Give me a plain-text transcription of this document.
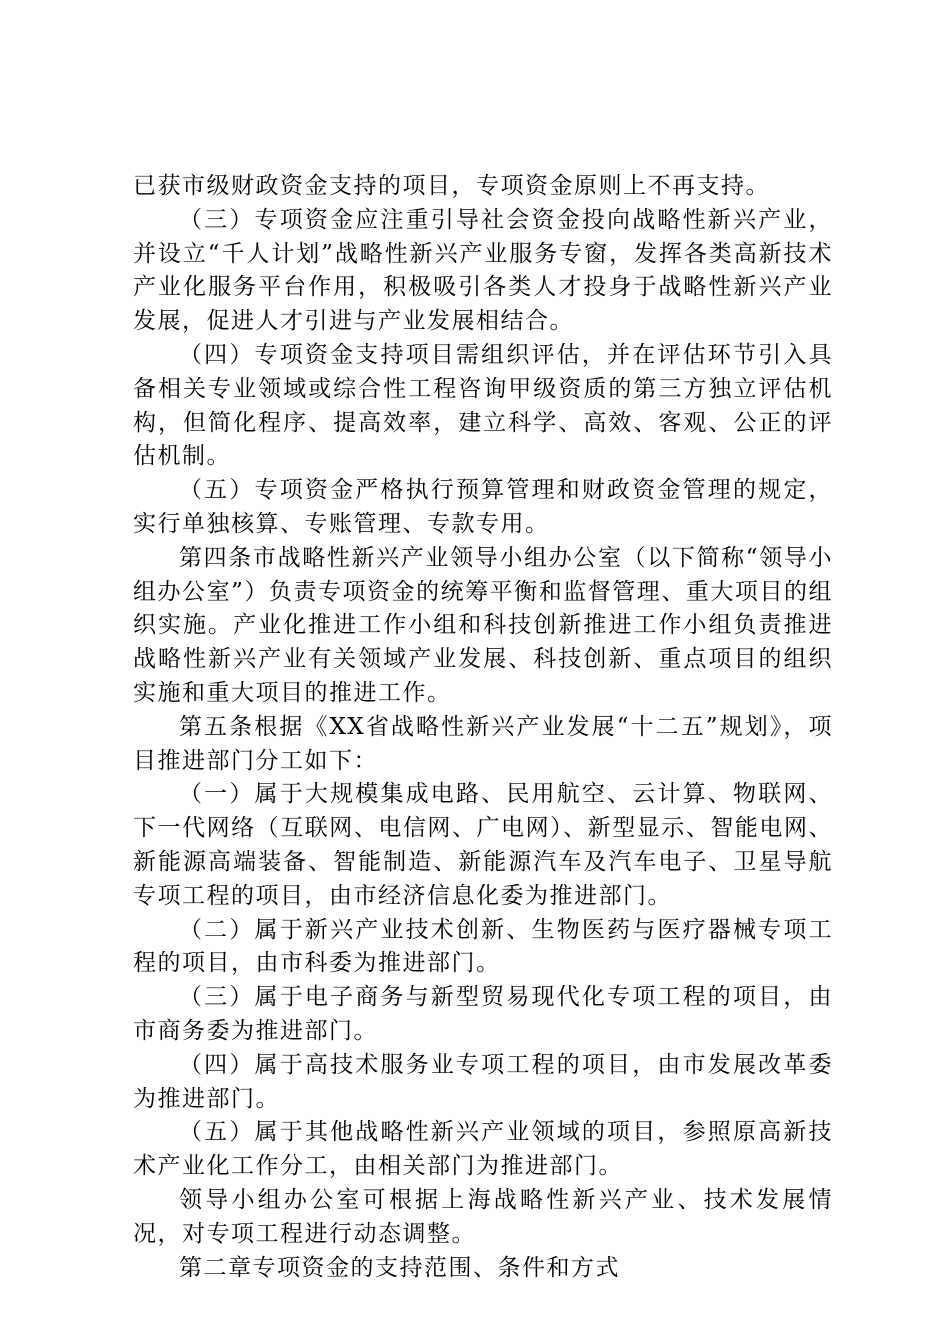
已获市级财政资金支持的项目，专项资金原则上不再支持。

（三）专项资金应注重引导社会资金投向战略性新兴产业，并设立“千人计划”战略性新兴产业服务专窗，发挥各类高新技术产业化服务平台作用，积极吸引各类人才投身于战略性新兴产业发展，促进人才引进与产业发展相结合。

（四）专项资金支持项目需组织评估，并在评估环节引入具备相关专业领域或综合性工程咨询甲级资质的第三方独立评估机构，但简化程序、提高效率，建立科学、高效、客观、公正的评估机制。

（五）专项资金严格执行预算管理和财政资金管理的规定，实行单独核算、专账管理、专款专用。

第四条市战略性新兴产业领导小组办公室（以下简称“领导小组办公室”）负责专项资金的统筹平衡和监督管理、重大项目的组织实施。产业化推进工作小组和科技创新推进工作小组负责推进战略性新兴产业有关领域产业发展、科技创新、重点项目的组织实施和重大项目的推进工作。

第五条根据《XX省战略性新兴产业发展“十二五”规划》，项目推进部门分工如下：

（一）属于大规模集成电路、民用航空、云计算、物联网、下一代网络（互联网、电信网、广电网）、新型显示、智能电网、新能源高端装备、智能制造、新能源汽车及汽车电子、卫星导航专项工程的项目，由市经济信息化委为推进部门。

（二）属于新兴产业技术创新、生物医药与医疗器械专项工程的项目，由市科委为推进部门。

（三）属于电子商务与新型贸易现代化专项工程的项目，由市商务委为推进部门。

（四）属于高技术服务业专项工程的项目，由市发展改革委为推进部门。

（五）属于其他战略性新兴产业领域的项目，参照原高新技术产业化工作分工，由相关部门为推进部门。

领导小组办公室可根据上海战略性新兴产业、技术发展情况，对专项工程进行动态调整。

第二章专项资金的支持范围、条件和方式
